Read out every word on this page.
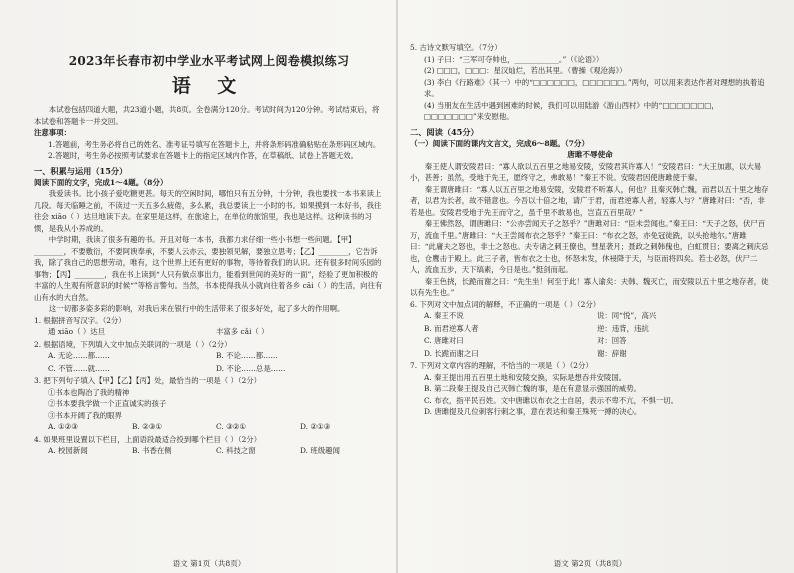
2023年长春市初中学业水平考试网上阅卷模拟练习
语 文

本试卷包括四道大题，共23道小题，共8页。全卷满分120分。考试时间为120分钟。考试结束后，将本试卷和答题卡一并交回。

注意事项：

1.答题前，考生务必将自己的姓名、准考证号填写在答题卡上，并将条形码准确粘贴在条形码区域内。

2.答题时，考生务必按照考试要求在答题卡上的指定区域内作答，在草稿纸、试卷上答题无效。

一、积累与运用（15分）

阅读下面的文字，完成1～4题。（8分）

我爱读书。比小孩子爱吃糖更甚。每天的空闲时间，哪怕只有五分钟，十分钟，我也要找一本书来读上几段。每天临睡之前，不读过一天五多么疲倦，多么累，我总要读上一小时的书。如果摸到一本好书，我往往会 xiāo（ ）达旦地读下去。在家里是这样，在旅途上，在单位的旅馆里，我也是这样。这种读书的习惯，是我从小养成的。

中学时期，我读了很多有趣的书。开且对每一本书，我都力求仔细一些小书想一些问题。【甲】________，不要敷衍，不要阿谀奉承，不要人云亦云，要独领见解，要独立思考；【乙】________，它告诉我，除了我自己的思想劳动，唯有，这个世界上还有更好的事物，等待着我们的认识。还有很多时间乐园的事物；【丙】________，我在书上读到“人只有做点事出力，能看到世间的美好的一面”，经验了更加积极的丰富的人生观有所意识的时候“”等格言警句。当然，书本使得我从小就向往着各乡 cāi（ ）的生活，向往有山有水的大自然。

这一切都多姿多彩的影响，对我后来在银行中的生活带来了很多好处，起了多大的作用啊。

1. 根据拼音写汉字。（2分）

通 xiāo（ ）达旦	丰富多 cǎi（ ）

2. 根据语境，下列填入文中加点关联词的一项是（ ）（2分）

A. 无论……都……	B. 不论……都……
C. 不管……就……	D. 不论……总是……

3. 把下列句子填入【甲】【乙】【丙】处，最恰当的一项是（ ）（2分）

①书本也陶冶了我的精神

②书本要我学做一个正直诚实的孩子

③书本开阔了我的眼界

A. ①②③	B. ②③①	C. ③②①	D. ②①③

4. 如果班里设置以下栏目，上面语段最适合投到哪个栏目（ ）（2分）

A. 校园新闻	B. 书香在侧	C. 科技之窗	D. 班级趣闻
语文 第1页（共8页）

5. 古诗文默写填空。（7分）

(1) 子曰：“三军可夺帅也，____________。”（《论语》）

(2) □□□，□□□：星汉灿烂，若出其里。（曹操《观沧海》）

(3) 李白《行路难》（其一）中的“□□□□□□，□□□□□□。”两句，可以用来表达作者对理想的执着追求。

(4) 当朋友在生活中遇到困难的时候，我们可以用陆游《游山西村》中的“□□□□□□□，□□□□□□□”来安慰他。

二、阅读（45分）

（一）阅读下面的课内文言文，完成6～8题。（7分）

唐雎不辱使命

秦王使人谓安陵君曰：“寡人欲以五百里之地易安陵，安陵君其许寡人！”安陵君曰：“大王加惠，以大易小，甚善；虽然，受地于先王，愿终守之，弗敢易！”秦王不说。安陵君因使唐雎使于秦。

秦王谓唐雎曰：“寡人以五百里之地易安陵，安陵君不听寡人，何也？且秦灭韩亡魏，而君以五十里之地存者，以君为长者，故不错意也。今吾以十倍之地，请广于君，而君逆寡人者，轻寡人与？”唐雎对曰：“否，非若是也。安陵君受地于先王而守之，虽千里不敢易也，岂直五百里哉？”

秦王怫然怒，谓唐雎曰：“公亦尝闻天子之怒乎？”唐雎对曰：“臣未尝闻也。”秦王曰：“天子之怒，伏尸百万，流血千里。”唐雎曰：“大王尝闻布衣之怒乎？”秦王曰：“布衣之怒，亦免冠徒跣，以头抢地尔。”唐雎曰：“此庸夫之怒也，非士之怒也。夫专诸之刺王僚也，彗星袭月；聂政之刺韩傀也，白虹贯日；要离之刺庆忌也，仓鹰击于殿上。此三子者，皆布衣之士也，怀怒未发，休祲降于天，与臣而将四矣。若士必怒，伏尸二人，流血五步，天下缟素，今日是也。”挺剑而起。

秦王色挠，长跪而谢之曰：“先生坐！何至于此！寡人谕矣：夫韩、魏灭亡，而安陵以五十里之地存者，徒以有先生也。”

6. 下列对文中加点词的解释，不正确的一项是（ ）（2分）

A. 秦王不说	说：同“悦”，高兴
B. 而君逆寡人者	逆：违背，违抗
C. 唐雎对曰	对：回答
D. 长跪而谢之曰	谢：辞谢

7. 下列对文章内容的理解，不恰当的一项是（ ）（2分）

A. 秦王提出用五百里土地和安陵交换，实际是想吞并安陵国。

B. 第二段秦王提及自己灭韩亡魏的事，是在有意显示强国的威势。

C. 布衣，指平民百姓。文中唐雎以布衣之士自居，表示不卑不亢，不惧一切。

D. 唐雎提及几位刺客行刺之事，意在表达和秦王殊死一搏的决心。

语文 第2页（共8页）
